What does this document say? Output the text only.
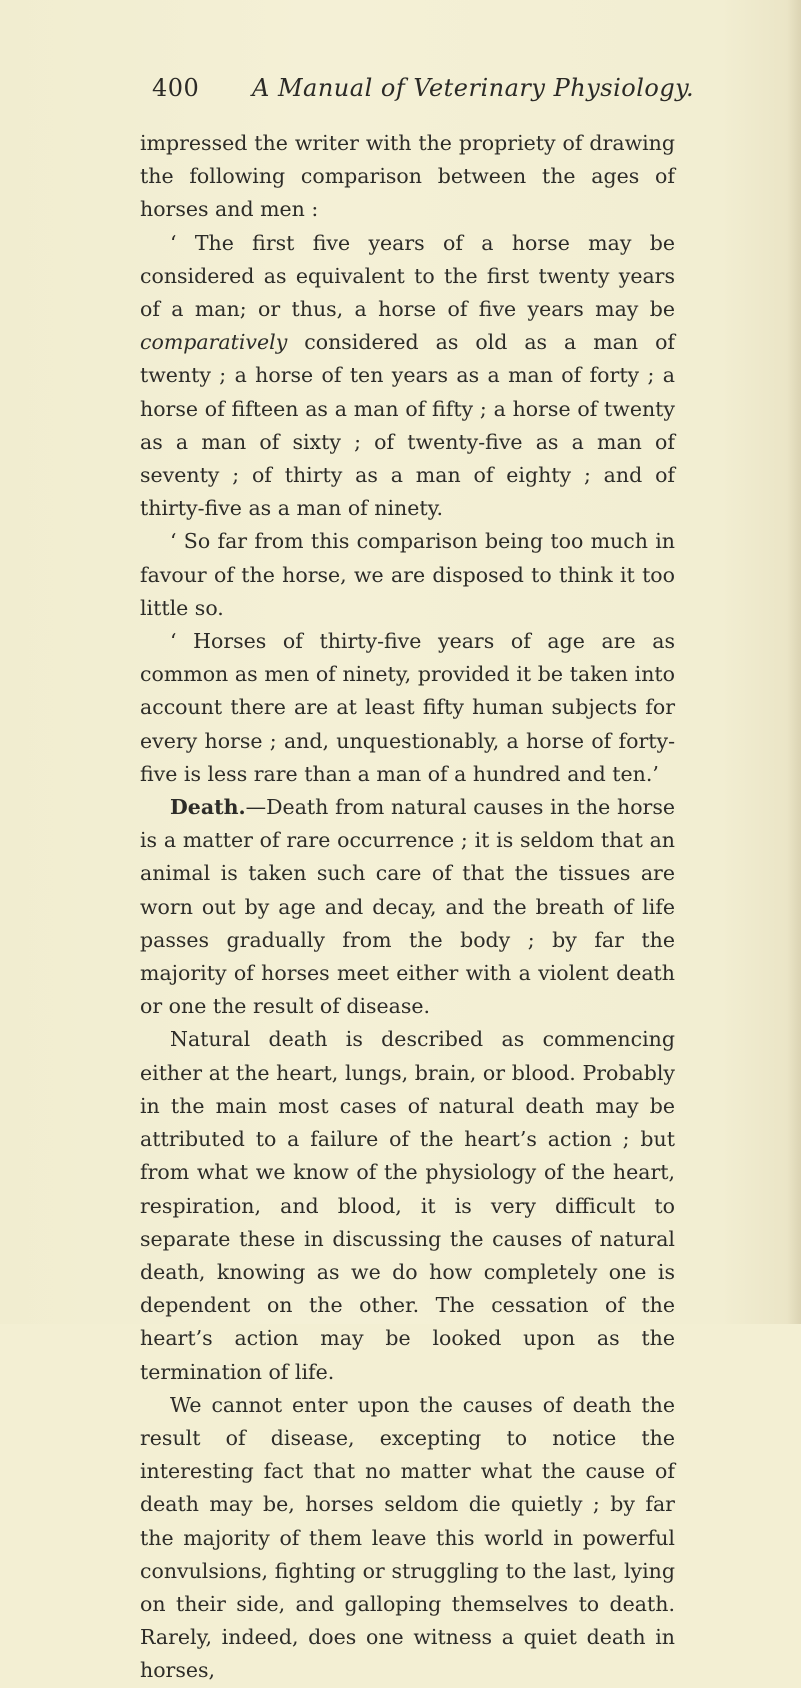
400 A Manual of Veterinary Physiology.

impressed the writer with the propriety of drawing the following comparison between the ages of horses and men :

‘ The first five years of a horse may be considered as equivalent to the first twenty years of a man; or thus, a horse of five years may be comparatively considered as old as a man of twenty ; a horse of ten years as a man of forty ; a horse of fifteen as a man of fifty ; a horse of twenty as a man of sixty ; of twenty-five as a man of seventy ; of thirty as a man of eighty ; and of thirty-five as a man of ninety.

‘ So far from this comparison being too much in favour of the horse, we are disposed to think it too little so.

‘ Horses of thirty-five years of age are as common as men of ninety, provided it be taken into account there are at least fifty human subjects for every horse ; and, unquestionably, a horse of forty-five is less rare than a man of a hundred and ten.’

Death.—Death from natural causes in the horse is a matter of rare occurrence ; it is seldom that an animal is taken such care of that the tissues are worn out by age and decay, and the breath of life passes gradually from the body ; by far the majority of horses meet either with a violent death or one the result of disease.

Natural death is described as commencing either at the heart, lungs, brain, or blood. Probably in the main most cases of natural death may be attributed to a failure of the heart’s action ; but from what we know of the physiology of the heart, respiration, and blood, it is very difficult to separate these in discussing the causes of natural death, knowing as we do how completely one is dependent on the other. The cessation of the heart’s action may be looked upon as the termination of life.

We cannot enter upon the causes of death the result of disease, excepting to notice the interesting fact that no matter what the cause of death may be, horses seldom die quietly ; by far the majority of them leave this world in powerful convulsions, fighting or struggling to the last, lying on their side, and galloping themselves to death. Rarely, indeed, does one witness a quiet death in horses,
